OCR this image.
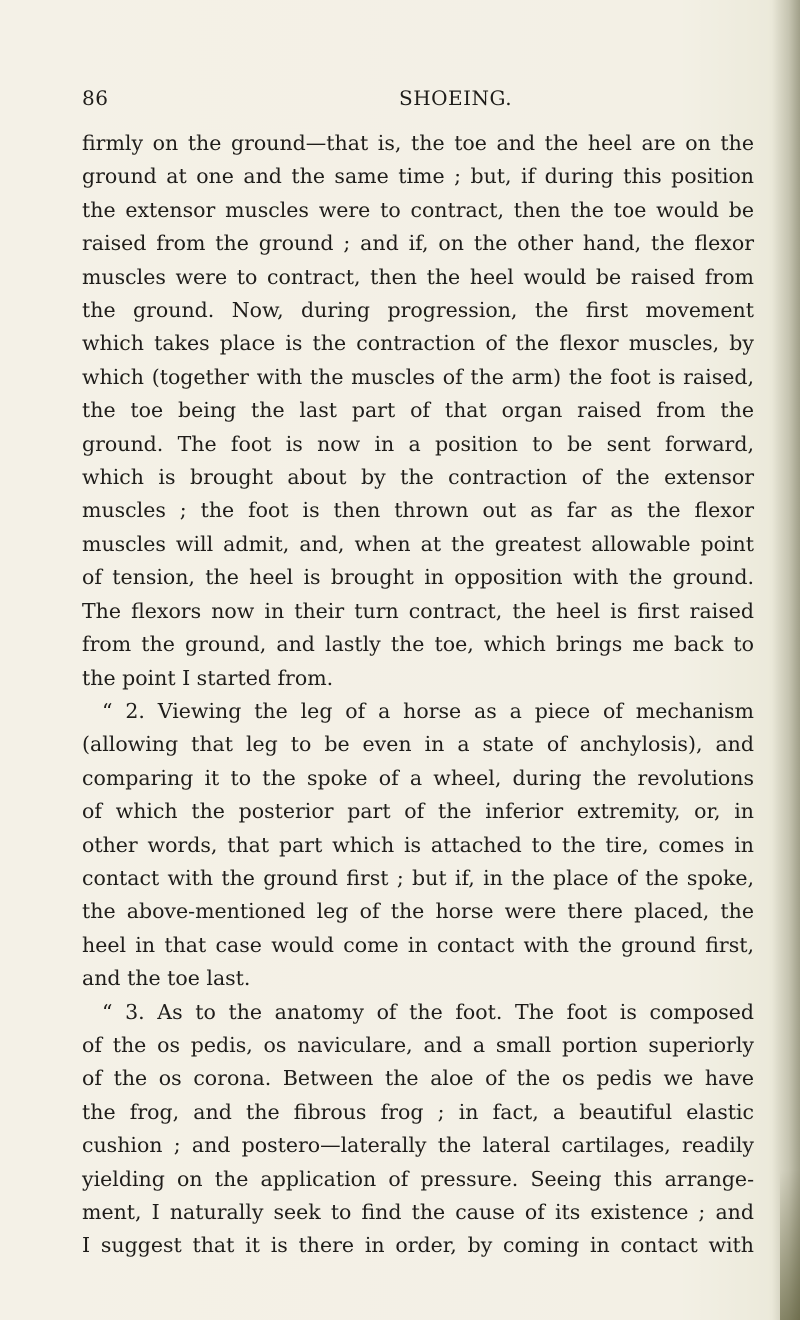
86	SHOEING.
firmly on the ground—that is, the toe and the heel are on the
ground at one and the same time ; but, if during this position
the extensor muscles were to contract, then the toe would be
raised from the ground ; and if, on the other hand, the flexor
muscles were to contract, then the heel would be raised from
the ground. Now, during progression, the first movement
which takes place is the contraction of the flexor muscles, by
which (together with the muscles of the arm) the foot is raised,
the toe being the last part of that organ raised from the
ground. The foot is now in a position to be sent forward,
which is brought about by the contraction of the extensor
muscles ; the foot is then thrown out as far as the flexor
muscles will admit, and, when at the greatest allowable point
of tension, the heel is brought in opposition with the ground.
The flexors now in their turn contract, the heel is first raised
from the ground, and lastly the toe, which brings me back to
the point I started from.
“ 2. Viewing the leg of a horse as a piece of mechanism
(allowing that leg to be even in a state of anchylosis), and
comparing it to the spoke of a wheel, during the revolutions
of which the posterior part of the inferior extremity, or, in
other words, that part which is attached to the tire, comes in
contact with the ground first ; but if, in the place of the spoke,
the above-mentioned leg of the horse were there placed, the
heel in that case would come in contact with the ground first,
and the toe last.
“ 3. As to the anatomy of the foot. The foot is composed
of the os pedis, os naviculare, and a small portion superiorly
of the os corona. Between the aloe of the os pedis we have
the frog, and the fibrous frog ; in fact, a beautiful elastic
cushion ; and postero—laterally the lateral cartilages, readily
yielding on the application of pressure. Seeing this arrange-
ment, I naturally seek to find the cause of its existence ; and
I suggest that it is there in order, by coming in contact with
